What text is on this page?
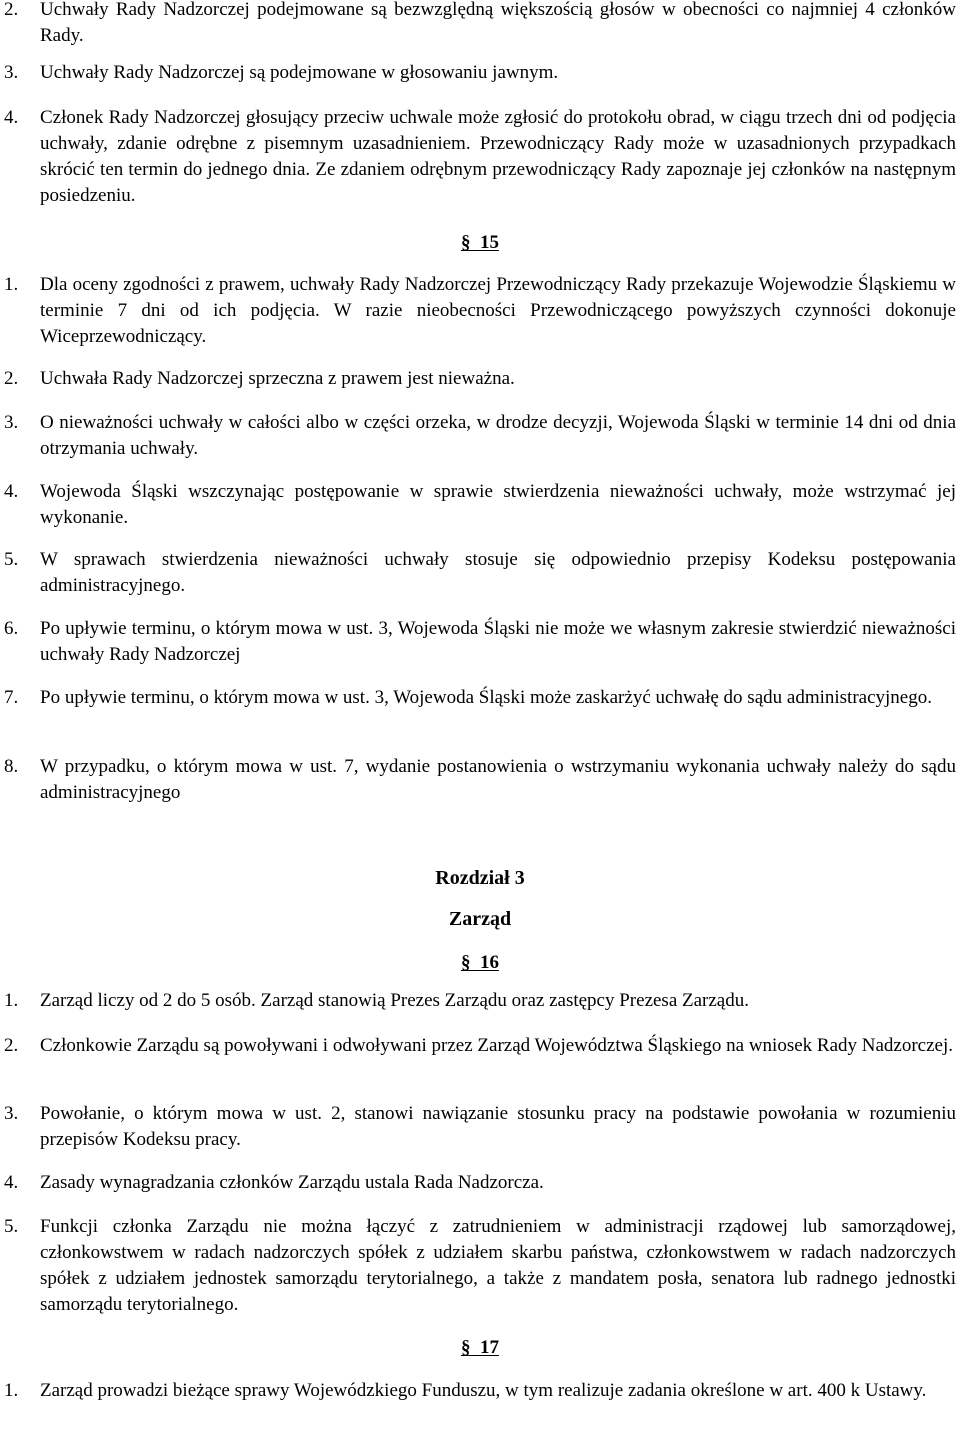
2. Uchwały Rady Nadzorczej podejmowane są bezwzględną większością głosów w obecności co najmniej 4 członków Rady.
3. Uchwały Rady Nadzorczej są podejmowane w głosowaniu jawnym.
4. Członek Rady Nadzorczej głosujący przeciw uchwale może zgłosić do protokołu obrad, w ciągu trzech dni od podjęcia uchwały, zdanie odrębne z pisemnym uzasadnieniem. Przewodniczący Rady może w uzasadnionych przypadkach skrócić ten termin do jednego dnia. Ze zdaniem odrębnym przewodniczący Rady zapoznaje jej członków na następnym posiedzeniu.
§ 15
1. Dla oceny zgodności z prawem, uchwały Rady Nadzorczej Przewodniczący Rady przekazuje Wojewodzie Śląskiemu w terminie 7 dni od ich podjęcia. W razie nieobecności Przewodniczącego powyższych czynności dokonuje Wiceprzewodniczący.
2. Uchwała Rady Nadzorczej sprzeczna z prawem jest nieważna.
3. O nieważności uchwały w całości albo w części orzeka, w drodze decyzji, Wojewoda Śląski w terminie 14 dni od dnia otrzymania uchwały.
4. Wojewoda Śląski wszczynając postępowanie w sprawie stwierdzenia nieważności uchwały, może wstrzymać jej wykonanie.
5. W sprawach stwierdzenia nieważności uchwały stosuje się odpowiednio przepisy Kodeksu postępowania administracyjnego.
6. Po upływie terminu, o którym mowa w ust. 3, Wojewoda Śląski nie może we własnym zakresie stwierdzić nieważności uchwały Rady Nadzorczej
7. Po upływie terminu, o którym mowa w ust. 3, Wojewoda Śląski może zaskarżyć uchwałę do sądu administracyjnego.
8. W przypadku, o którym mowa w ust. 7, wydanie postanowienia o wstrzymaniu wykonania uchwały należy do sądu administracyjnego
Rozdział 3
Zarząd
§ 16
1. Zarząd liczy od 2 do 5 osób. Zarząd stanowią Prezes Zarządu oraz zastępcy Prezesa Zarządu.
2. Członkowie Zarządu są powoływani i odwoływani przez Zarząd Województwa Śląskiego na wniosek Rady Nadzorczej.
3. Powołanie, o którym mowa w ust. 2, stanowi nawiązanie stosunku pracy na podstawie powołania w rozumieniu przepisów Kodeksu pracy.
4. Zasady wynagradzania członków Zarządu ustala Rada Nadzorcza.
5. Funkcji członka Zarządu nie można łączyć z zatrudnieniem w administracji rządowej lub samorządowej, członkowstwem w radach nadzorczych spółek z udziałem skarbu państwa, członkowstwem w radach nadzorczych spółek z udziałem jednostek samorządu terytorialnego, a także z mandatem posła, senatora lub radnego jednostki samorządu terytorialnego.
§ 17
1. Zarząd prowadzi bieżące sprawy Wojewódzkiego Funduszu, w tym realizuje zadania określone w art. 400 k Ustawy.
